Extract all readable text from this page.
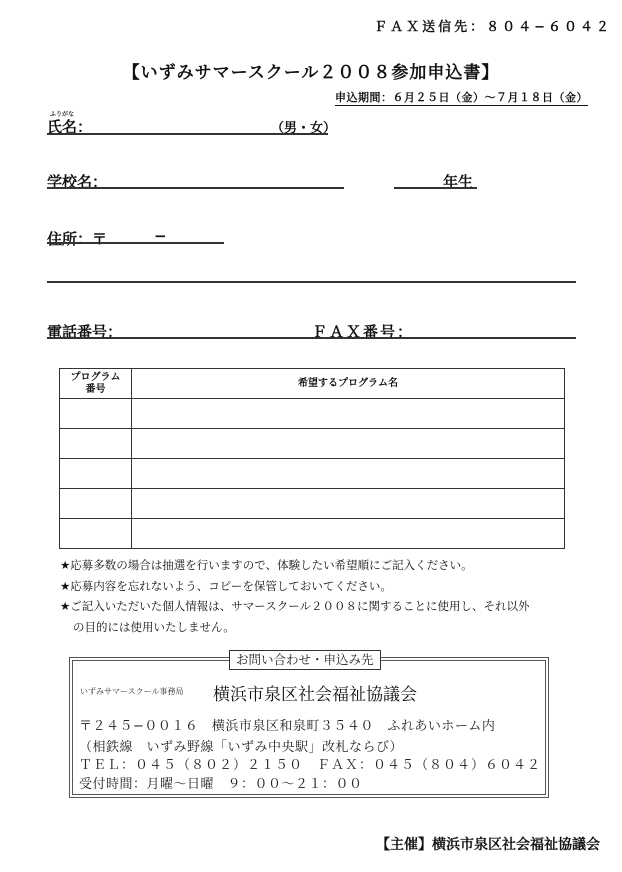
ＦＡＸ送信先：８０４−６０４２
【いずみサマースクール２００８参加申込書】
申込期間：６月２５日（金）〜７月１８日（金）
ふりがな
氏名：	（男・女）
学校名：	年生
住所：〒	−
電話番号：	ＦＡＸ番号：
プログラム
番号	希望するプログラム名

★応募多数の場合は抽選を行いますので、体験したい希望順にご記入ください。
★応募内容を忘れないよう、コピーを保管しておいてください。
★ご記入いただいた個人情報は、サマースクール２００８に関することに使用し、それ以外
の目的には使用いたしません。
お問い合わせ・申込み先
いずみサマースクール事務局 横浜市泉区社会福祉協議会
〒２４５−００１６　横浜市泉区和泉町３５４０　ふれあいホーム内
（相鉄線　いずみ野線「いずみ中央駅」改札ならび）
ＴＥＬ：０４５（８０２）２１５０　ＦＡＸ：０４５（８０４）６０４２
受付時間：月曜〜日曜　９：００〜２１：００
【主催】横浜市泉区社会福祉協議会
